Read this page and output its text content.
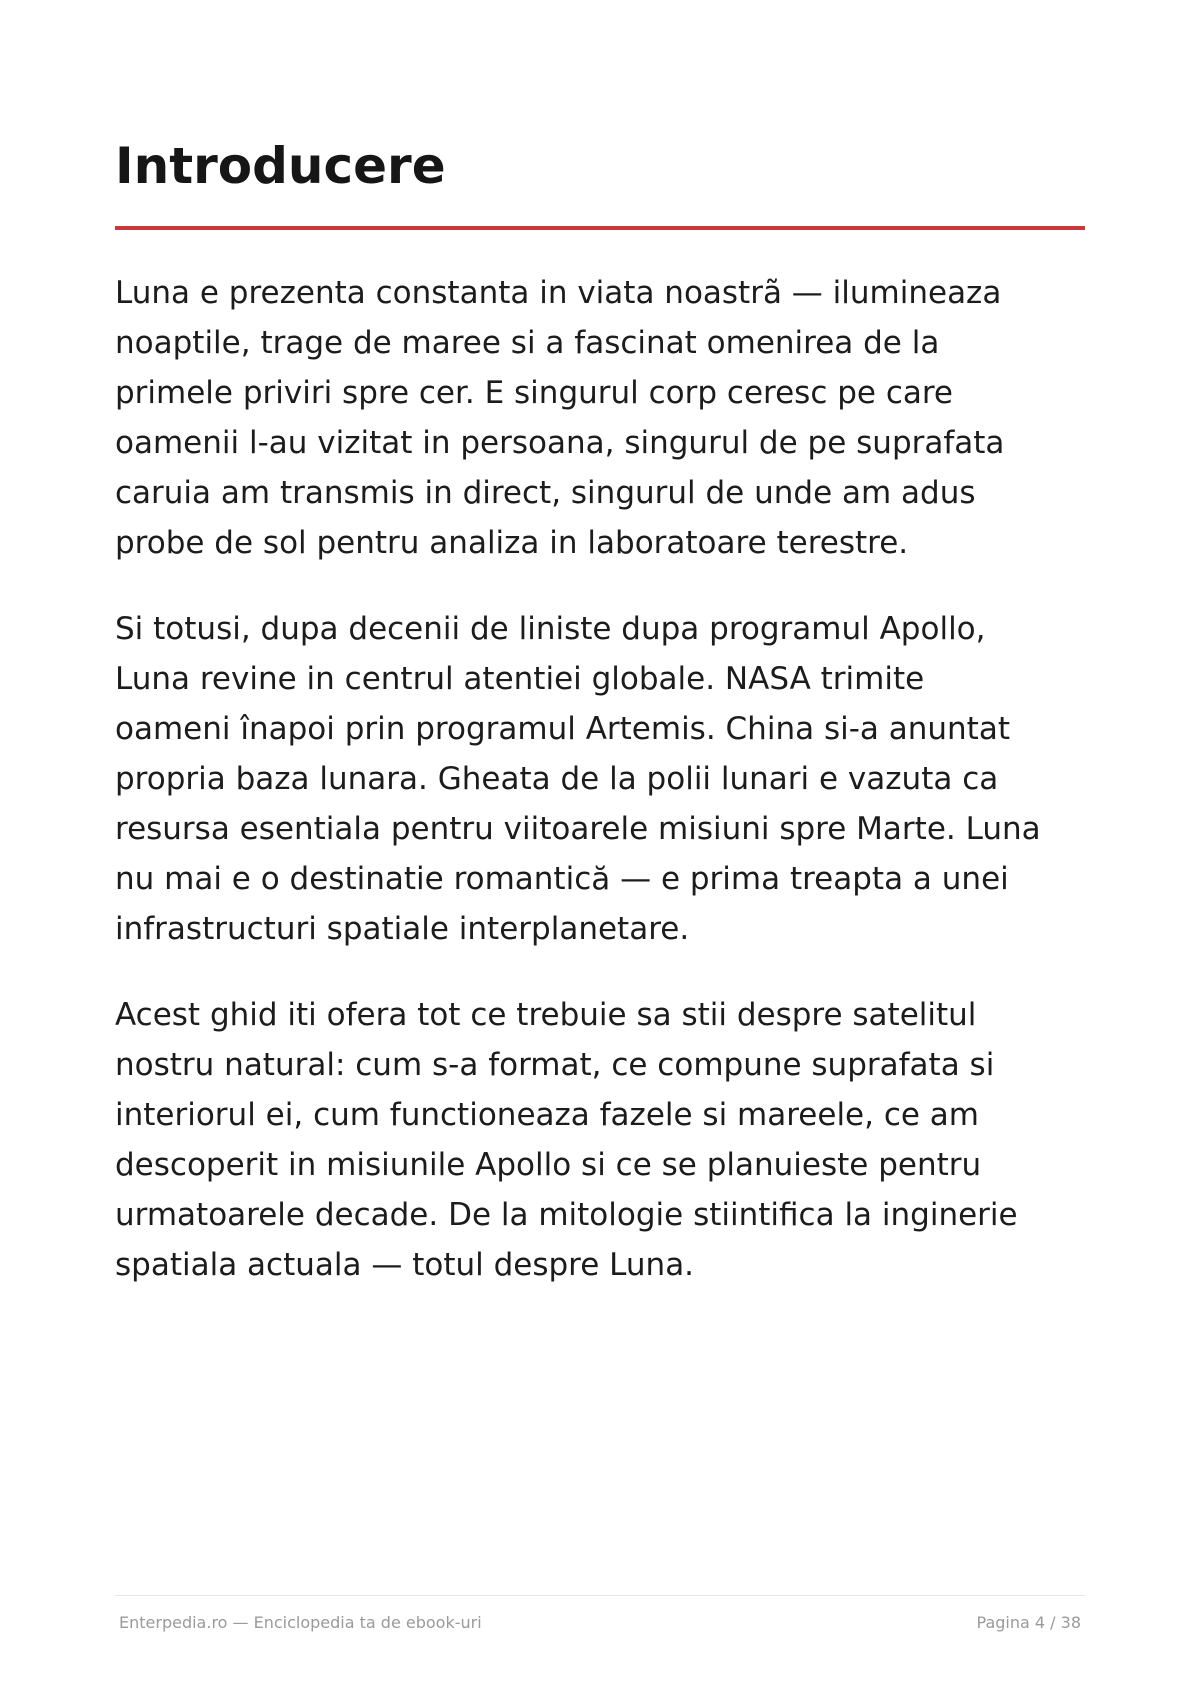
Introducere

Luna e prezenta constanta in viata noastrã — ilumineaza
noaptile, trage de maree si a fascinat omenirea de la
primele priviri spre cer. E singurul corp ceresc pe care
oamenii l-au vizitat in persoana, singurul de pe suprafata
caruia am transmis in direct, singurul de unde am adus
probe de sol pentru analiza in laboratoare terestre.

Si totusi, dupa decenii de liniste dupa programul Apollo,
Luna revine in centrul atentiei globale. NASA trimite
oameni înapoi prin programul Artemis. China si-a anuntat
propria baza lunara. Gheata de la polii lunari e vazuta ca
resursa esentiala pentru viitoarele misiuni spre Marte. Luna
nu mai e o destinatie romantică — e prima treapta a unei
infrastructuri spatiale interplanetare.

Acest ghid iti ofera tot ce trebuie sa stii despre satelitul
nostru natural: cum s-a format, ce compune suprafata si
interiorul ei, cum functioneaza fazele si mareele, ce am
descoperit in misiunile Apollo si ce se planuieste pentru
urmatoarele decade. De la mitologie stiintifica la inginerie
spatiala actuala — totul despre Luna.

Enterpedia.ro — Enciclopedia ta de ebook-uri	Pagina 4 / 38
